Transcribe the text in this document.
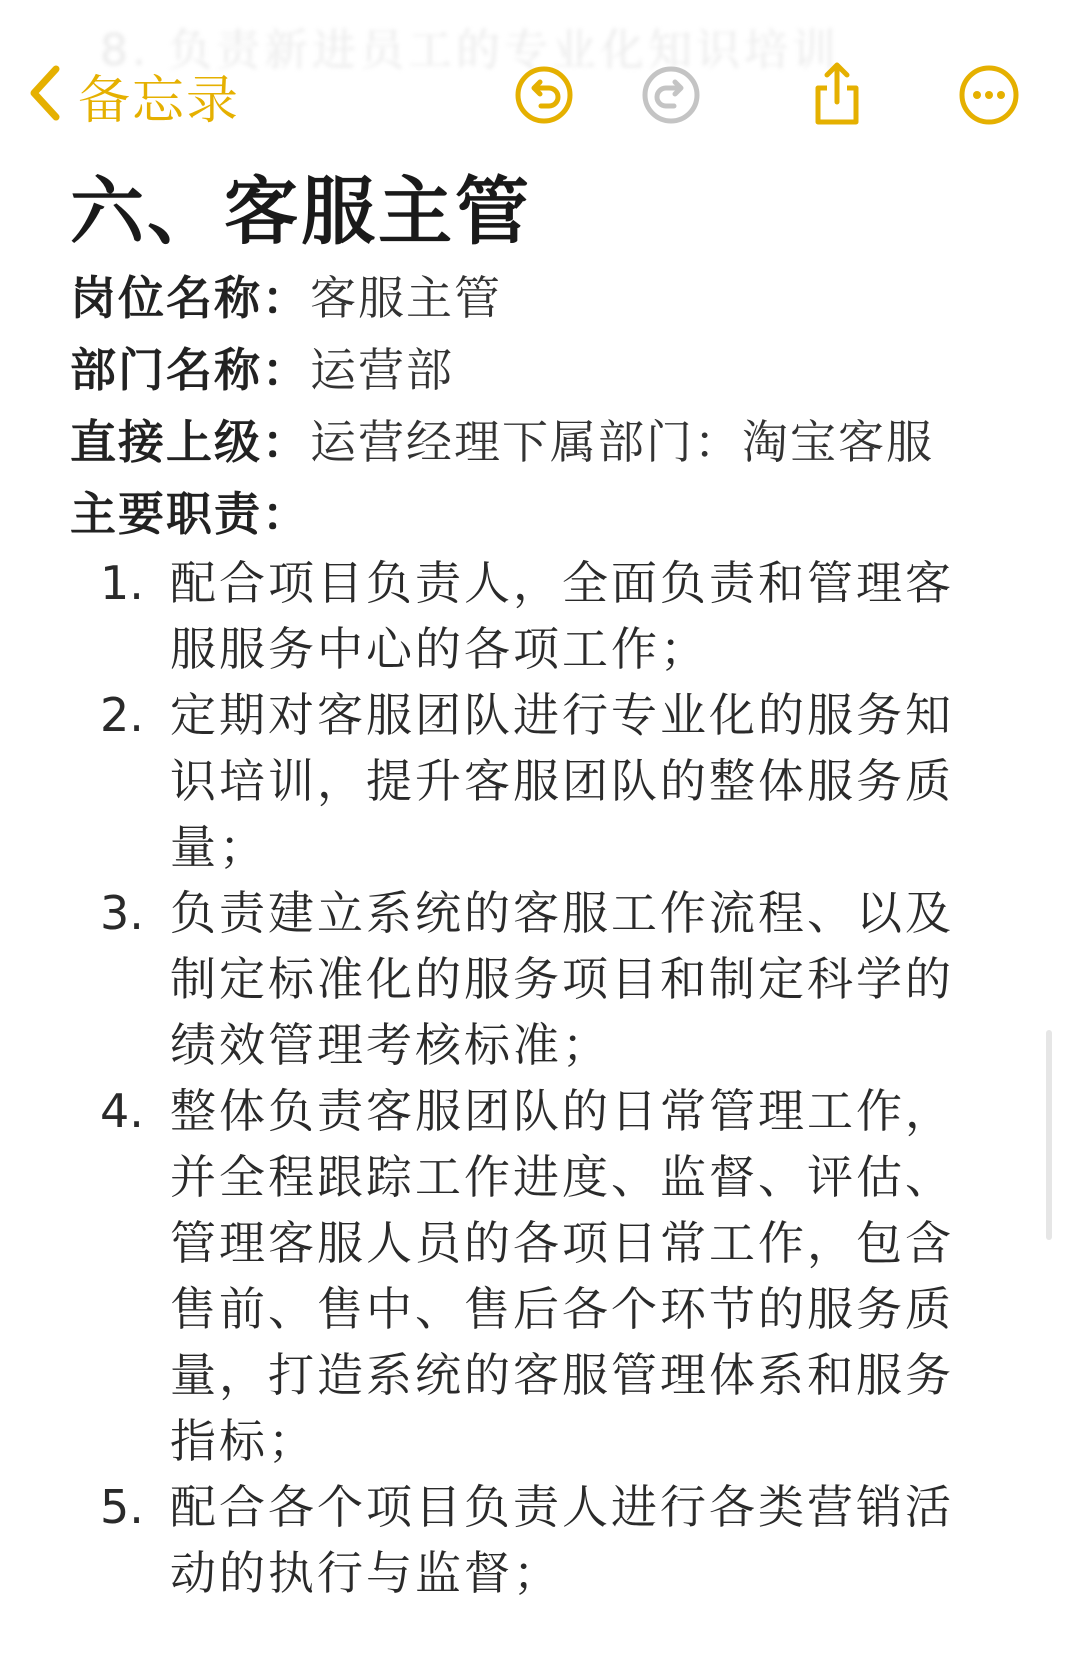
8. 负责新进员工的专业化知识培训
备忘录
六、客服主管
岗位名称：客服主管
部门名称：运营部
直接上级：运营经理下属部门：淘宝客服
主要职责：
1. 配合项目负责人，全面负责和管理客服服务中心的各项工作；
2. 定期对客服团队进行专业化的服务知识培训，提升客服团队的整体服务质量；
3. 负责建立系统的客服工作流程、以及制定标准化的服务项目和制定科学的绩效管理考核标准；
4. 整体负责客服团队的日常管理工作，并全程跟踪工作进度、监督、评估、管理客服人员的各项日常工作，包含售前、售中、售后各个环节的服务质量，打造系统的客服管理体系和服务指标；
5. 配合各个项目负责人进行各类营销活动的执行与监督；
